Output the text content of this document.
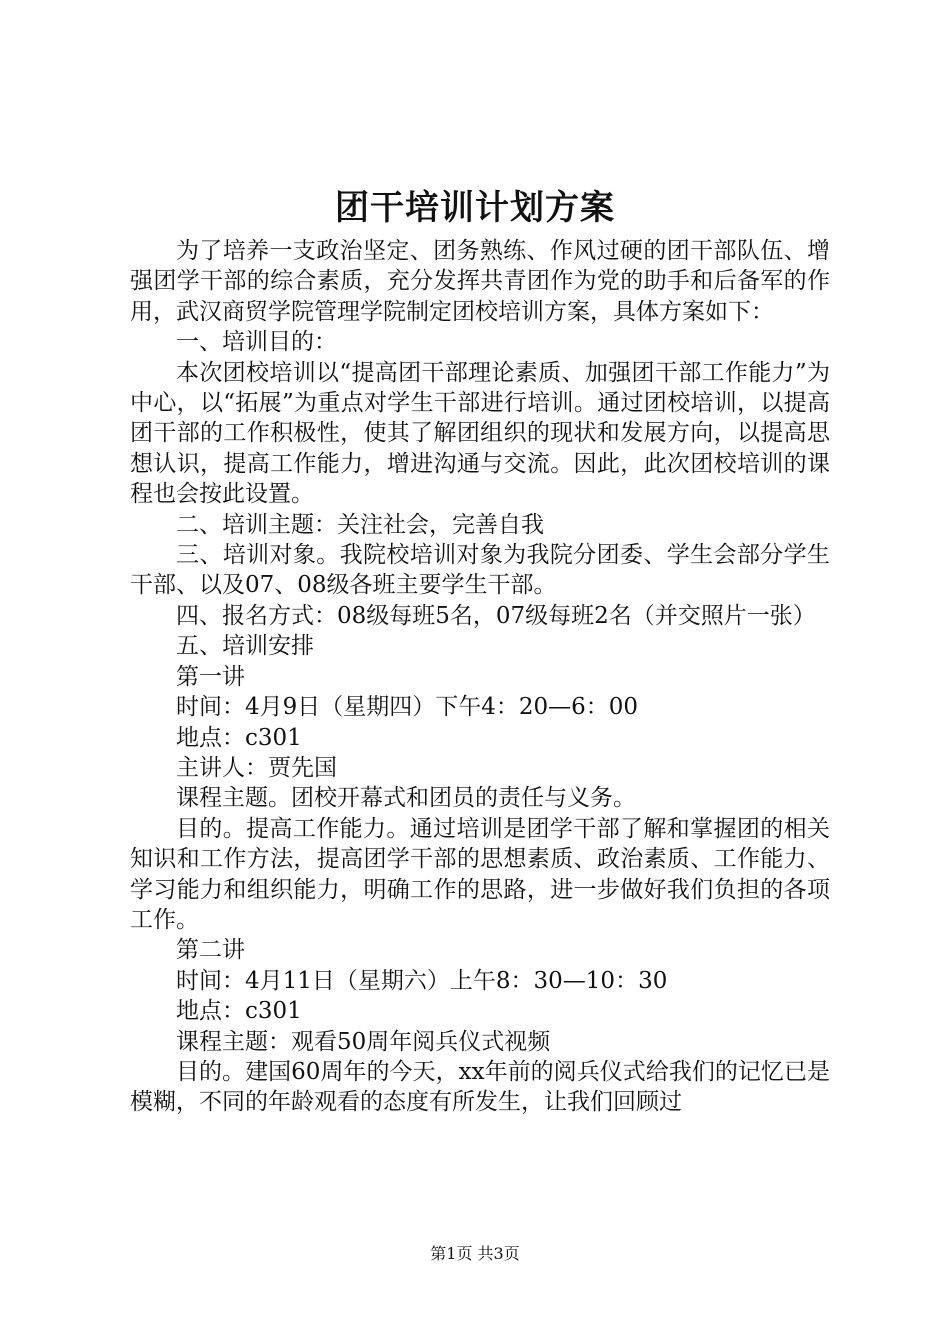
团干培训计划方案

为了培养一支政治坚定、团务熟练、作风过硬的团干部队伍、增强团学干部的综合素质，充分发挥共青团作为党的助手和后备军的作用，武汉商贸学院管理学院制定团校培训方案，具体方案如下：

一、培训目的：

本次团校培训以“提高团干部理论素质、加强团干部工作能力”为中心，以“拓展”为重点对学生干部进行培训。通过团校培训，以提高团干部的工作积极性，使其了解团组织的现状和发展方向，以提高思想认识，提高工作能力，增进沟通与交流。因此，此次团校培训的课程也会按此设置。

二、培训主题：关注社会，完善自我

三、培训对象。我院校培训对象为我院分团委、学生会部分学生干部、以及07、08级各班主要学生干部。

四、报名方式：08级每班5名，07级每班2名（并交照片一张）

五、培训安排

第一讲

时间：4月9日（星期四）下午4：20—6：00

地点：c301

主讲人：贾先国

课程主题。团校开幕式和团员的责任与义务。

目的。提高工作能力。通过培训是团学干部了解和掌握团的相关知识和工作方法，提高团学干部的思想素质、政治素质、工作能力、学习能力和组织能力，明确工作的思路，进一步做好我们负担的各项工作。

第二讲

时间：4月11日（星期六）上午8：30—10：30

地点：c301

课程主题：观看50周年阅兵仪式视频

目的。建国60周年的今天，xx年前的阅兵仪式给我们的记忆已是模糊，不同的年龄观看的态度有所发生，让我们回顾过

第1页 共3页
